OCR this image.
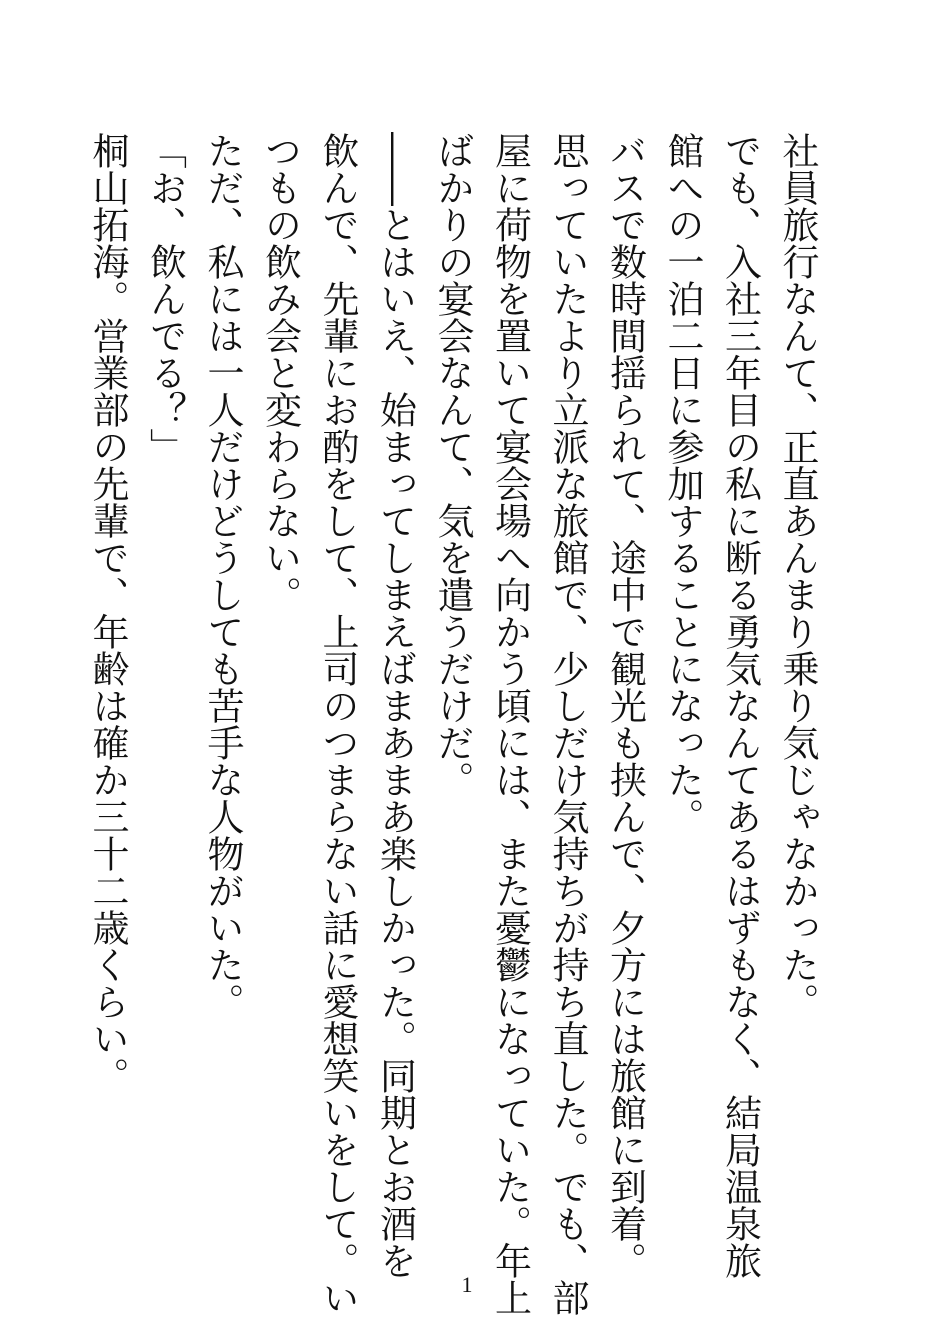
社員旅行なんて、正直あんまり乗り気じゃなかった。
でも、入社三年目の私に断る勇気なんてあるはずもなく、結局温泉旅
館への一泊二日に参加することになった。
バスで数時間揺られて、途中で観光も挟んで、夕方には旅館に到着。
思っていたより立派な旅館で、少しだけ気持ちが持ち直した。でも、部
屋に荷物を置いて宴会場へ向かう頃には、また憂鬱になっていた。年上
ばかりの宴会なんて、気を遣うだけだ。
――とはいえ、始まってしまえばまあまあ楽しかった。同期とお酒を
飲んで、先輩にお酌をして、上司のつまらない話に愛想笑いをして。い
つもの飲み会と変わらない。
ただ、私には一人だけどうしても苦手な人物がいた。
「お、飲んでる？」
桐山拓海。営業部の先輩で、年齢は確か三十二歳くらい。
1
